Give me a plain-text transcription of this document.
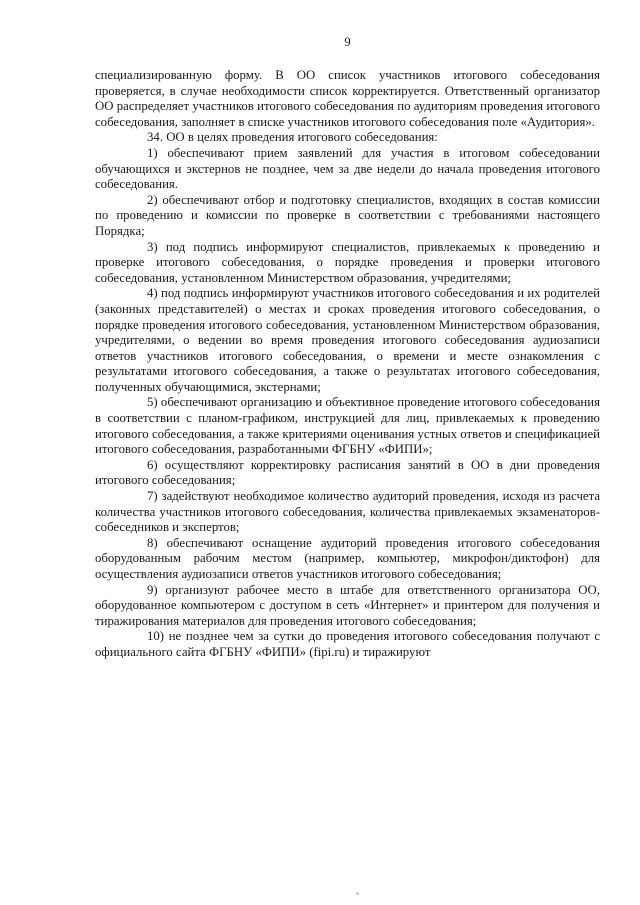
9

специализированную форму. В ОО список участников итогового собеседования проверяется, в случае необходимости список корректируется. Ответственный организатор ОО распределяет участников итогового собеседования по аудиториям проведения итогового собеседования, заполняет в списке участников итогового собеседования поле «Аудитория».

34. ОО в целях проведения итогового собеседования:

1) обеспечивают прием заявлений для участия в итоговом собеседовании обучающихся и экстернов не позднее, чем за две недели до начала проведения итогового собеседования.

2) обеспечивают отбор и подготовку специалистов, входящих в состав комиссии по проведению и комиссии по проверке в соответствии с требованиями настоящего Порядка;

3) под подпись информируют специалистов, привлекаемых к проведению и проверке итогового собеседования, о порядке проведения и проверки итогового собеседования, установленном Министерством образования, учредителями;

4) под подпись информируют участников итогового собеседования и их родителей (законных представителей) о местах и сроках проведения итогового собеседования, о порядке проведения итогового собеседования, установленном Министерством образования, учредителями, о ведении во время проведения итогового собеседования аудиозаписи ответов участников итогового собеседования, о времени и месте ознакомления с результатами итогового собеседования, а также о результатах итогового собеседования, полученных обучающимися, экстернами;

5) обеспечивают организацию и объективное проведение итогового собеседования в соответствии с планом-графиком, инструкцией для лиц, привлекаемых к проведению итогового собеседования, а также критериями оценивания устных ответов и спецификацией итогового собеседования, разработанными ФГБНУ «ФИПИ»;

6) осуществляют корректировку расписания занятий в ОО в дни проведения итогового собеседования;

7) задействуют необходимое количество аудиторий проведения, исходя из расчета количества участников итогового собеседования, количества привлекаемых экзаменаторов-собеседников и экспертов;

8) обеспечивают оснащение аудиторий проведения итогового собеседования оборудованным рабочим местом (например, компьютер, микрофон/диктофон) для осуществления аудиозаписи ответов участников итогового собеседования;

9) организуют рабочее место в штабе для ответственного организатора ОО, оборудованное компьютером с доступом в сеть «Интернет» и принтером для получения и тиражирования материалов для проведения итогового собеседования;

10) не позднее чем за сутки до проведения итогового собеседования получают с официального сайта ФГБНУ «ФИПИ» (fipi.ru) и тиражируют
